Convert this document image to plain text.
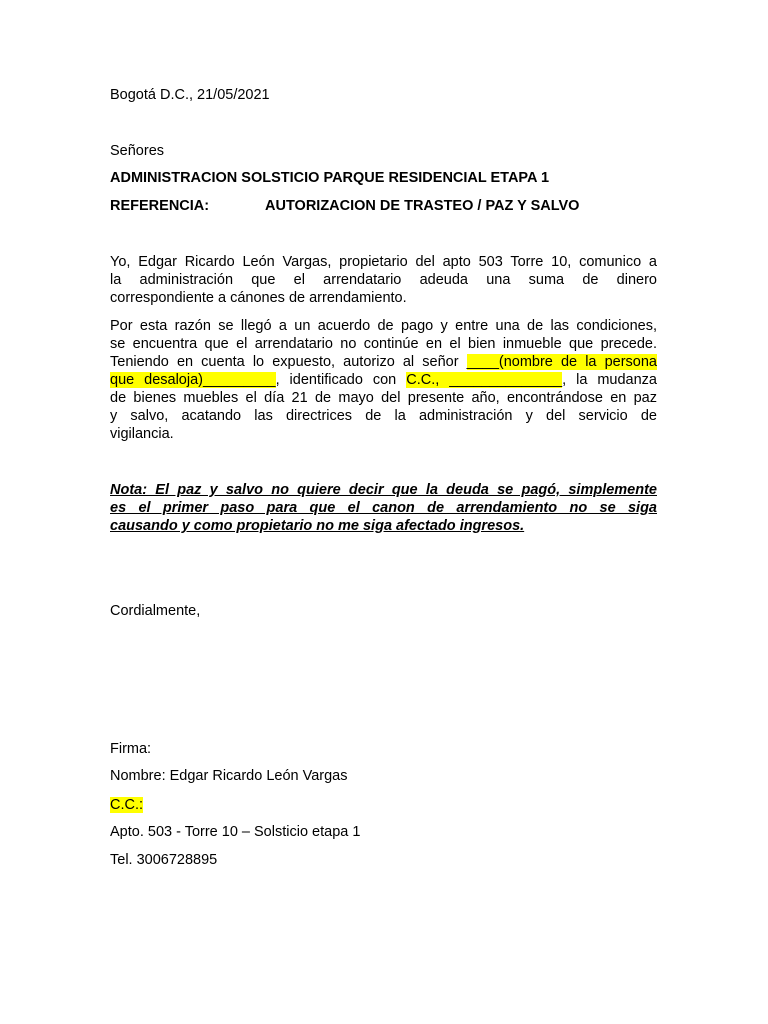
Bogotá D.C., 21/05/2021
Señores
ADMINISTRACION SOLSTICIO PARQUE RESIDENCIAL ETAPA 1
REFERENCIA:	AUTORIZACION DE TRASTEO / PAZ Y SALVO
Yo, Edgar Ricardo León Vargas, propietario del apto 503 Torre 10, comunico a
la administración que el arrendatario adeuda una suma de dinero
correspondiente a cánones de arrendamiento.
Por esta razón se llegó a un acuerdo de pago y entre una de las condiciones,
se encuentra que el arrendatario no continúe en el bien inmueble que precede.
Teniendo en cuenta lo expuesto, autorizo al señor ____(nombre de la persona
que desaloja)_________, identificado con C.C., ______________, la mudanza
de bienes muebles el día 21 de mayo del presente año, encontrándose en paz
y salvo, acatando las directrices de la administración y del servicio de
vigilancia.
Nota: El paz y salvo no quiere decir que la deuda se pagó, simplemente
es el primer paso para que el canon de arrendamiento no se siga
causando y como propietario no me siga afectado ingresos.
Cordialmente,
Firma:
Nombre: Edgar Ricardo León Vargas
C.C.:
Apto. 503 - Torre 10 – Solsticio etapa 1
Tel. 3006728895
